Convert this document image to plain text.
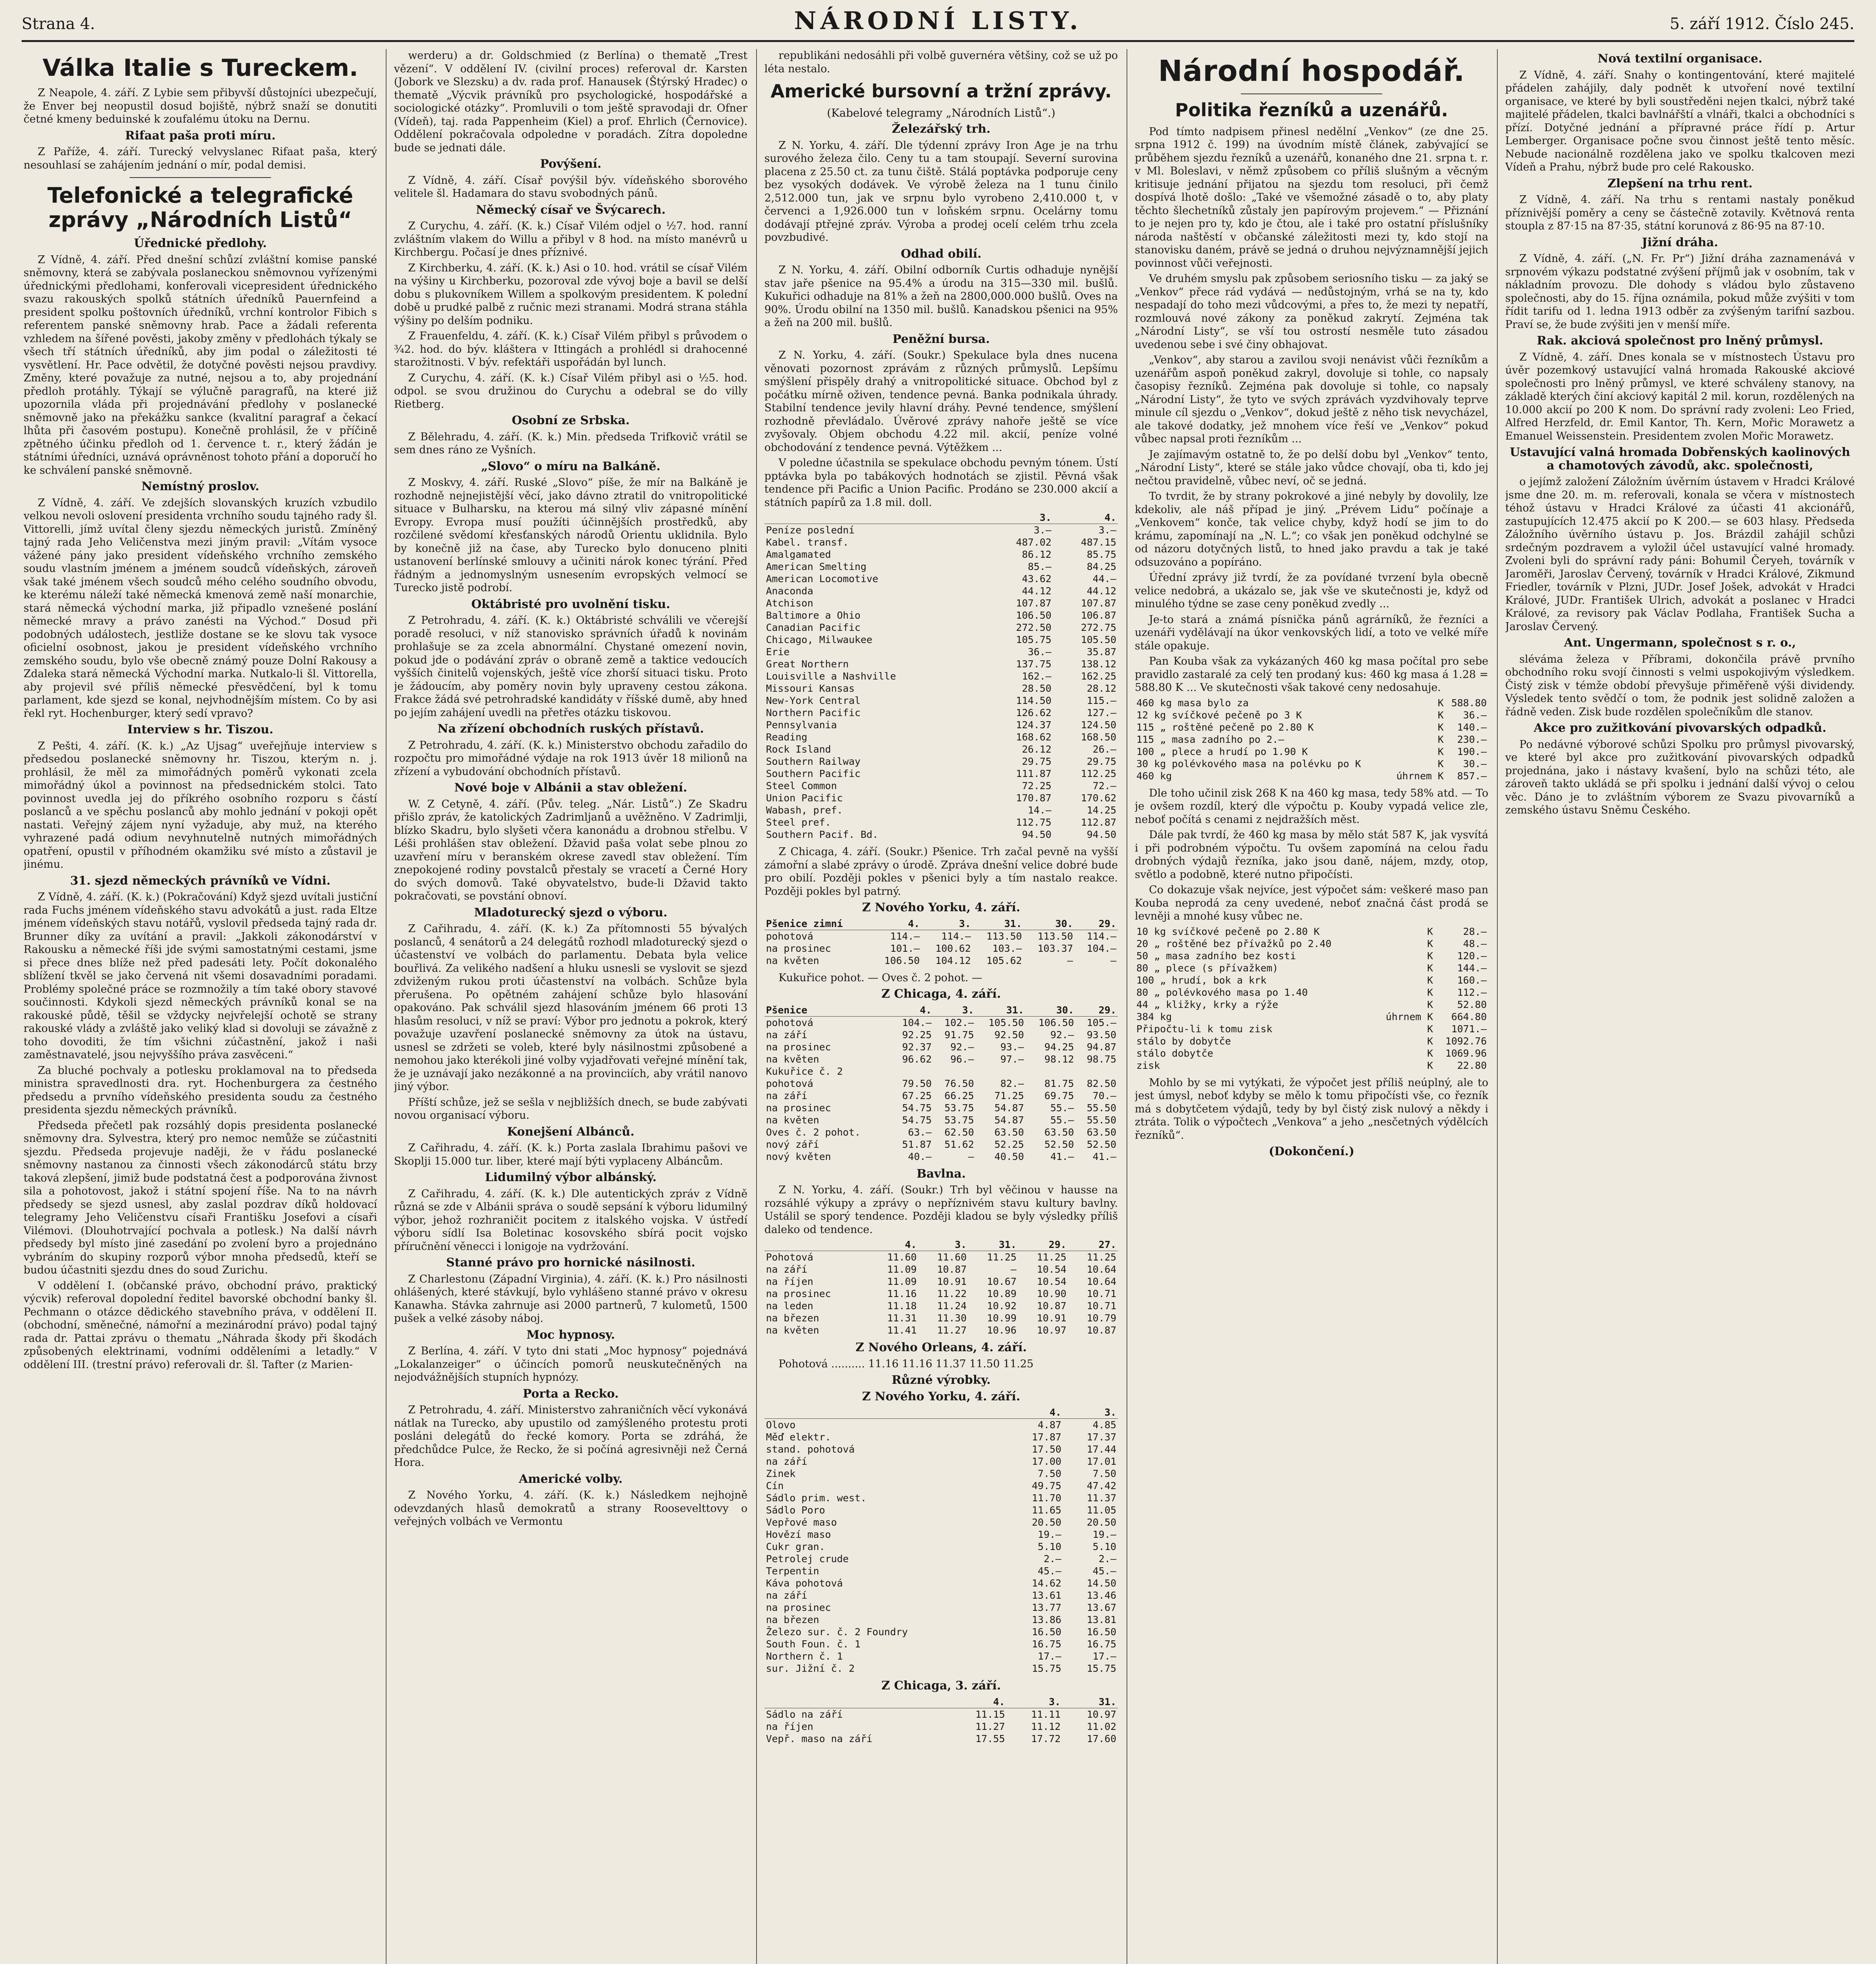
Strana 4.	NÁRODNÍ LISTY.	5. září 1912. Číslo 245.
Válka Italie s Tureckem.

Z Neapole, 4. září. Z Lybie sem přibyvší důstojníci ubezpečují, že Enver bej neopustil dosud bojiště, nýbrž snaží se donutiti četné kmeny beduinské k zoufalému útoku na Dernu.

Rifaat paša proti míru.

Z Paříže, 4. září. Turecký velvyslanec Rifaat paša, který nesouhlasí se zahájením jednání o mír, podal demisi.

Telefonické a telegrafické zprávy „Národních Listů“
Úřednické předlohy.

Z Vídně, 4. září. Před dnešní schůzí zvláštní komise panské sněmovny, která se zabývala poslaneckou sněmovnou vyřízenými úřednickými předlohami, konferovali vicepresident úřednického svazu rakouských spolků státních úředníků Pauernfeind a president spolku poštovních úředníků, vrchní kontrolor Fibich s referentem panské sněmovny hrab. Pace a žádali referenta vzhledem na šířené pověsti, jakoby změny v předlohách týkaly se všech tří státních úředníků, aby jim podal o záležitosti té vysvětlení. Hr. Pace odvětil, že dotyčné pověsti nejsou pravdivy. Změny, které považuje za nutné, nejsou a to, aby projednání předloh protáhly. Týkají se výlučně paragrafů, na které již upozornila vláda při projednávání předlohy v poslanecké sněmovně jako na překážku sankce (kvalitní paragraf a čekací lhůta při časovém postupu). Konečně prohlásil, že v příčině zpětného účinku předloh od 1. července t. r., který žádán je státními úředníci, uznává oprávněnost tohoto přání a doporučí ho ke schválení panské sněmovně.

Nemístný proslov.

Z Vídně, 4. září. Ve zdejších slovanských kruzích vzbudilo velkou nevoli oslovení presidenta vrchního soudu tajného rady šl. Vittorelli, jímž uvítal členy sjezdu německých juristů. Zmíněný tajný rada Jeho Veličenstva mezi jiným pravil: „Vítám vysoce vážené pány jako president vídeňského vrchního zemského soudu vlastním jménem a jménem soudců vídeňských, zároveň však také jménem všech soudců mého celého soudního obvodu, ke kterému náleží také německá kmenová země naší monarchie, stará německá východní marka, již připadlo vznešené poslání německé mravy a právo zanésti na Východ.“ Dosud při podobných událostech, jestliže dostane se ke slovu tak vysoce oficielní osobnost, jakou je president vídeňského vrchního zemského soudu, bylo vše obecně známý pouze Dolní Rakousy a Zdaleka stará německá Východní marka. Nutkalo-li šl. Vittorella, aby projevil své příliš německé přesvědčení, byl k tomu parlament, kde sjezd se konal, nejvhodnějším místem. Co by asi řekl ryt. Hochenburger, který sedí vpravo?

Interview s hr. Tiszou.

Z Pešti, 4. září. (K. k.) „Az Ujsag“ uveřejňuje interview s předsedou poslanecké sněmovny hr. Tiszou, kterým n. j. prohlásil, že měl za mimořádných poměrů vykonati zcela mimořádný úkol a povinnost na předsednickém stolci. Tato povinnost uvedla jej do příkrého osobního rozporu s částí poslanců a ve spěchu poslanců aby mohlo jednání v pokoji opět nastati. Veřejný zájem nyní vyžaduje, aby muž, na kterého vyhrazené padá odium nevyhnutelně nutných mimořádných opatření, opustil v příhodném okamžiku své místo a zůstavil je jinému.

31. sjezd německých právníků ve Vídni.

Z Vídně, 4. září. (K. k.) (Pokračování) Když sjezd uvítali justiční rada Fuchs jménem vídeňského stavu advokátů a just. rada Eltze jménem vídeňských stavu notářů, vyslovil předseda tajný rada dr. Brunner díky za uvítání a pravil: „Jakkoli zákonodárství v Rakousku a německé říši jde svými samostatnými cestami, jsme si přece dnes blíže než před padesáti lety. Počít dokonalého sblížení tkvěl se jako červená nit všemi dosavadními poradami. Problémy společné práce se rozmnožily a tím také obory stavové součinnosti. Kdykoli sjezd německých právníků konal se na rakouské půdě, těšil se vždycky nejvřelejší ochotě se strany rakouské vlády a zvláště jako veliký klad si dovoluji se závažně z toho dovoditi, že tím všichni zúčastnění, jakož i naši zaměstnavatelé, jsou nejvyššího práva zasvěceni.“

Za bluché pochvaly a potlesku proklamoval na to předseda ministra spravedlnosti dra. ryt. Hochenburgera za čestného předsedu a prvního vídeňského presidenta soudu za čestného presidenta sjezdu německých právníků.

Předseda přečetl pak rozsáhlý dopis presidenta poslanecké sněmovny dra. Sylvestra, který pro nemoc nemůže se zúčastniti sjezdu. Předseda projevuje naději, že v řádu poslanecké sněmovny nastanou za činnosti všech zákonodárců státu brzy taková zlepšení, jimiž bude podstatná čest a podporována živnost sila a pohotovost, jakož i státní spojení říše. Na to na návrh předsedy se sjezd usnesl, aby zaslal pozdrav díků holdovací telegramy Jeho Veličenstvu císaři Františku Josefovi a císaři Vilémovi. (Dlouhotrvající pochvala a potlesk.) Na další návrh předsedy byl místo jiné zasedání po zvolení byro a projednáno vybráním do skupiny rozporů výbor mnoha předsedů, kteří se budou účastniti sjezdu dnes do soud Zurichu.

V oddělení I. (občanské právo, obchodní právo, praktický výcvik) referoval dopolední ředitel bavorské obchodní banky šl. Pechmann o otázce dědického stavebního práva, v oddělení II. (obchodní, směnečné, námořní a mezinárodní právo) podal tajný rada dr. Pattai zprávu o thematu „Náhrada škody při škodách způsobených elektrinami, vodními odděleními a letadly.“ V oddělení III. (trestní právo) referovali dr. šl. Tafter (z Marien-

werderu) a dr. Goldschmied (z Berlína) o thematě „Trest vězení“. V oddělení IV. (civilní proces) referoval dr. Karsten (Jobork ve Slezsku) a dv. rada prof. Hanausek (Štýrský Hradec) o thematě „Výcvik právníků pro psychologické, hospodářské a sociologické otázky“. Promluvili o tom ještě spravodaji dr. Ofner (Vídeň), taj. rada Pappenheim (Kiel) a prof. Ehrlich (Černovice). Oddělení pokračovala odpoledne v poradách. Zítra dopoledne bude se jednati dále.

Povýšení.

Z Vídně, 4. září. Císař povýšil býv. vídeňského sborového velitele šl. Hadamara do stavu svobodných pánů.

Německý císař ve Švýcarech.

Z Curychu, 4. září. (K. k.) Císař Vilém odjel o ½7. hod. ranní zvláštním vlakem do Willu a přibyl v 8 hod. na místo manévrů u Kirchbergu. Počasí je dnes příznivé.

Z Kirchberku, 4. září. (K. k.) Asi o 10. hod. vrátil se císař Vilém na výšiny u Kirchberku, pozoroval zde vývoj boje a bavil se delší dobu s plukovníkem Willem a spolkovým presidentem. K polední době u prudké palbě z ručnic mezi stranami. Modrá strana stáhla výšiny po delším podniku.

Z Frauenfeldu, 4. září. (K. k.) Císař Vilém přibyl s průvodem o ¾2. hod. do býv. kláštera v Ittingách a prohlédl si drahocenné starožitnosti. V býv. refektáři uspořádán byl lunch.

Z Curychu, 4. září. (K. k.) Císař Vilém přibyl asi o ½5. hod. odpol. se svou družinou do Curychu a odebral se do villy Rietberg.

Osobní ze Srbska.

Z Bělehradu, 4. září. (K. k.) Min. předseda Trifkovič vrátil se sem dnes ráno ze Vyšních.

„Slovo“ o míru na Balkáně.

Z Moskvy, 4. září. Ruské „Slovo“ píše, že mír na Balkáně je rozhodně nejnejistější věcí, jako dávno ztratil do vnitropolitické situace v Bulharsku, na kterou má silný vliv zápasné mínění Evropy. Evropa musí použíti účinnějších prostředků, aby rozčilené svědomí křesťanských národů Orientu uklidnila. Bylo by konečně již na čase, aby Turecko bylo donuceno plniti ustanovení berlínské smlouvy a učiniti nárok konec týrání. Před řádným a jednomyslným usnesením evropských velmocí se Turecko jistě podrobí.

Oktábristé pro uvolnění tisku.

Z Petrohradu, 4. září. (K. k.) Oktábristé schválili ve včerejší poradě resoluci, v níž stanovisko správních úřadů k novinám prohlašuje se za zcela abnormální. Chystané omezení novin, pokud jde o podávání zpráv o obraně země a taktice vedoucích vyšších činitelů vojenských, ještě více zhorší situaci tisku. Proto je žádoucím, aby poměry novin byly upraveny cestou zákona. Frakce žádá své petrohradské kandidáty v říšské dumě, aby hned po jejím zahájení uvedli na přetřes otázku tiskovou.

Na zřízení obchodních ruských přístavů.

Z Petrohradu, 4. září. (K. k.) Ministerstvo obchodu zařadilo do rozpočtu pro mimořádné výdaje na rok 1913 úvěr 18 milionů na zřízení a vybudování obchodních přístavů.

Nové boje v Albánii a stav obležení.

W. Z Cetyně, 4. září. (Pův. teleg. „Nár. Listů“.) Ze Skadru přišlo zpráv, že katolických Zadrimljanů a uvěžněno. V Zadrimlji, blízko Skadru, bylo slyšeti včera kanonádu a drobnou střelbu. V Léši prohlášen stav obležení. Džavid paša volat sebe plnou zo uzavření míru v beranském okrese zavedl stav obležení. Tím znepokojené rodiny povstalců přestaly se vracetí a Černé Hory do svých domovů. Také obyvatelstvo, bude-li Džavid takto pokračovati, se povstání obnoví.

Mladoturecký sjezd o výboru.

Z Cařihradu, 4. září. (K. k.) Za přítomnosti 55 bývalých poslanců, 4 senátorů a 24 delegátů rozhodl mladoturecký sjezd o účastenství ve volbách do parlamentu. Debata byla velice bouřlivá. Za velikého nadšení a hluku usnesli se vyslovit se sjezd zdviženým rukou proti účastenství na volbách. Schůze byla přerušena. Po opětném zahájení schůze bylo hlasování opakováno. Pak schválil sjezd hlasováním jménem 66 proti 13 hlasům resoluci, v níž se praví: Výbor pro jednotu a pokrok, který považuje uzavření poslanecké sněmovny za útok na ústavu, usnesl se zdržeti se voleb, které byly násilnostmi způsobené a nemohou jako kterékoli jiné volby vyjadřovati veřejné mínění tak, že je uznávají jako nezákonné a na provinciích, aby vrátil nanovo jiný výbor.

Příští schůze, jež se sešla v nejbližších dnech, se bude zabývati novou organisací výboru.

Konejšení Albánců.

Z Cařihradu, 4. září. (K. k.) Porta zaslala Ibrahimu pašovi ve Skoplji 15.000 tur. liber, které mají býti vyplaceny Albáncům.

Lidumilný výbor albánský.

Z Cařihradu, 4. září. (K. k.) Dle autentických zpráv z Vídně různá se zde v Albánii správa o soudě sepsání k výboru lidumilný výbor, jehož rozhraničit pocitem z italského vojska. V ústředí výboru sídlí Isa Boletinac kosovského sbírá pocit vojsko příručnění věnecci i lonigoje na vydržování.

Stanné právo pro hornické násilnosti.

Z Charlestonu (Západní Virginia), 4. září. (K. k.) Pro násilnosti ohlášených, které stávkují, bylo vyhlášeno stanné právo v okresu Kanawha. Stávka zahrnuje asi 2000 partnerů, 7 kulometů, 1500 pušek a velké zásoby náboj.

Moc hypnosy.

Z Berlína, 4. září. V tyto dni stati „Moc hypnosy“ pojednává „Lokalanzeiger“ o účincích pomorů neuskutečněných na nejodvážnějších stupních hypnózy.

Porta a Recko.

Z Petrohradu, 4. září. Ministerstvo zahraničních věcí vykonává nátlak na Turecko, aby upustilo od zamýšleného protestu proti posláni delegátů do řecké komory. Porta se zdráhá, že předchůdce Pulce, že Recko, že si počíná agresivněji než Černá Hora.

Americké volby.

Z Nového Yorku, 4. září. (K. k.) Následkem nejhojně odevzdaných hlasů demokratů a strany Roosevelttovy o veřejných volbách ve Vermontu

republikáni nedosáhli při volbě guvernéra většiny, což se už po léta nestalo.

Americké bursovní a tržní zprávy.
(Kabelové telegramy „Národních Listů“.)
Železářský trh.

Z N. Yorku, 4. září. Dle týdenní zprávy Iron Age je na trhu surového železa čilo. Ceny tu a tam stoupají. Severní surovina placena z 25.50 ct. za tunu čiště. Stálá poptávka podporuje ceny bez vysokých dodávek. Ve výrobě železa na 1 tunu činilo 2,512.000 tun, jak ve srpnu bylo vyrobeno 2,410.000 t, v červenci a 1,926.000 tun v loňském srpnu. Ocelárny tomu dodávají ptřejné zpráv. Výroba a prodej ocelí celém trhu zcela povzbudivé.

Odhad obilí.

Z N. Yorku, 4. září. Obilní odborník Curtis odhaduje nynější stav jaře pšenice na 95.4% a úrodu na 315—330 mil. bušlů. Kukuřici odhaduje na 81% a žeň na 2800,000.000 bušlů. Oves na 90%. Úrodu obilní na 1350 mil. bušlů. Kanadskou pšenici na 95% a žeň na 200 mil. bušlů.

Peněžní bursa.

Z N. Yorku, 4. září. (Soukr.) Spekulace byla dnes nucena věnovati pozornost zprávám z různých průmyslů. Lepšímu smýšlení přispěly drahý a vnitropolitické situace. Obchod byl z počátku mírně oživen, tendence pevná. Banka podnikala úhrady. Stabilní tendence jevily hlavní dráhy. Pevné tendence, smýšlení rozhodně převládalo. Úvěrové zprávy nahoře ještě se více zvyšovaly. Objem obchodu 4.22 mil. akcií, peníze volné obchodování z tendence pevná. Výtěžkem ...

V poledne účastnila se spekulace obchodu pevným tónem. Ústí pptávka byla po tabákových hodnotách se zjistil. Pěvná však tendence při Pacific a Union Pacific. Prodáno se 230.000 akcií a státních papírů za 1.8 mil. doll.

	3.	4.
Peníze poslední	3.—	3.—
Kabel. transf.	487.02	487.15
Amalgamated	86.12	85.75
American Smelting	85.—	84.25
American Locomotive	43.62	44.—
Anaconda	44.12	44.12
Atchison	107.87	107.87
Baltimore a Ohio	106.50	106.87
Canadian Pacific	272.50	272.75
Chicago, Milwaukee	105.75	105.50
Erie	36.—	35.87
Great Northern	137.75	138.12
Louisville a Nashville	162.—	162.25
Missouri Kansas	28.50	28.12
New-York Central	114.50	115.—
Northern Pacific	126.62	127.—
Pennsylvania	124.37	124.50
Reading	168.62	168.50
Rock Island	26.12	26.—
Southern Railway	29.75	29.75
Southern Pacific	111.87	112.25
Steel Common	72.25	72.—
Union Pacific	170.87	170.62
Wabash, pref.	14.—	14.25
Steel pref.	112.75	112.87
Southern Pacif. Bd.	94.50	94.50

Z Chicaga, 4. září. (Soukr.) Pšenice. Trh začal pevně na vyšší zámořní a slabé zprávy o úrodě. Zpráva dnešní velice dobré bude pro obilí. Později pokles v pšenici byly a tím nastalo reakce. Později pokles byl patrný.

Z Nového Yorku, 4. září.
Pšenice zimní	4.	3.	31.	30.	29.
pohotová	114.—	114.—	113.50	113.50	114.—
na prosinec	101.—	100.62	103.—	103.37	104.—
na květen	106.50	104.12	105.62	—	—

Kukuřice pohot. — Oves č. 2 pohot. —

Z Chicaga, 4. září.
Pšenice	4.	3.	31.	30.	29.
pohotová	104.—	102.—	105.50	106.50	105.—
na září	92.25	91.75	92.50	92.—	93.50
na prosinec	92.37	92.—	93.—	94.25	94.87
na květen	96.62	96.—	97.—	98.12	98.75
Kukuřice č. 2					
pohotová	79.50	76.50	82.—	81.75	82.50
na září	67.25	66.25	71.25	69.75	70.—
na prosinec	54.75	53.75	54.87	55.—	55.50
na květen	54.75	53.75	54.87	55.—	55.50
Oves č. 2 pohot.	63.—	62.50	63.50	63.50	63.50
nový září	51.87	51.62	52.25	52.50	52.50
nový květen	40.—	—	40.50	41.—	41.—
Bavlna.

Z N. Yorku, 4. září. (Soukr.) Trh byl věčinou v hausse na rozsáhlé výkupy a zprávy o nepříznivém stavu kultury bavlny. Ustálil se sporý tendence. Později kladou se byly výsledky příliš daleko od tendence.

	4.	3.	31.	29.	27.
Pohotová	11.60	11.60	11.25	11.25	11.25
na září	11.09	10.87	—	10.54	10.64
na říjen	11.09	10.91	10.67	10.54	10.64
na prosinec	11.16	11.22	10.89	10.90	10.71
na leden	11.18	11.24	10.92	10.87	10.71
na březen	11.31	11.30	10.99	10.91	10.79
na květen	11.41	11.27	10.96	10.97	10.87
Z Nového Orleans, 4. září.

Pohotová .......... 11.16 11.16 11.37 11.50 11.25

Různé výrobky.
Z Nového Yorku, 4. září.
	4.	3.
Olovo	4.87	4.85
Měď elektr.	17.87	17.37
stand. pohotová	17.50	17.44
na září	17.00	17.01
Zinek	7.50	7.50
Cín	49.75	47.42
Sádlo prim. west.	11.70	11.37
Sádlo Poro	11.65	11.05
Vepřové maso	20.50	20.50
Hovězí maso	19.—	19.—
Cukr gran.	5.10	5.10
Petrolej crude	2.—	2.—
Terpentin	45.—	45.—
Káva pohotová	14.62	14.50
na září	13.61	13.46
na prosinec	13.77	13.67
na březen	13.86	13.81
Železo sur. č. 2 Foundry	16.50	16.50
South Foun. č. 1	16.75	16.75
Northern č. 1	17.—	17.—
sur. Jižní č. 2	15.75	15.75
Z Chicaga, 3. září.
	4.	3.	31.
Sádlo na září	11.15	11.11	10.97
na říjen	11.27	11.12	11.02
Vepř. maso na září	17.55	17.72	17.60
Národní hospodář.
Politika řezníků a uzenářů.

Pod tímto nadpisem přinesl nedělní „Venkov“ (ze dne 25. srpna 1912 č. 199) na úvodním místě článek, zabývající se průběhem sjezdu řezníků a uzenářů, konaného dne 21. srpna t. r. v Ml. Boleslavi, v němž způsobem co příliš slušným a věcným kritisuje jednání přijatou na sjezdu tom resoluci, při čemž dospívá lhotě došlo: „Také ve všemožné zásadě o to, aby platy těchto šlechetníků zůstaly jen papírovým projevem.“ — Přiznání to je nejen pro ty, kdo je čtou, ale i také pro ostatní příslušníky národa naštěstí v občanské záležitosti mezi ty, kdo stojí na stanovisku daném, právě se jedná o druhou nejvýznamnější jejich povinnost vůči veřejnosti.

Ve druhém smyslu pak způsobem seriosního tisku — za jaký se „Venkov“ přece rád vydává — nedůstojným, vrhá se na ty, kdo nespadají do toho mezi vůdcovými, a přes to, že mezi ty nepatří, rozmlouvá nové zákony za poněkud zakrytí. Zejména tak „Národní Listy“, se vší tou ostrostí nesměle tuto zásadou uvedenou sebe i své činy obhajovat.

„Venkov“, aby starou a zavilou svoji nenávist vůči řezníkům a uzenářům aspoň poněkud zakryl, dovoluje si tohle, co napsaly časopisy řezníků. Zejména pak dovoluje si tohle, co napsaly „Národní Listy“, že tyto ve svých zprávách vyzdvihovaly teprve minule cíl sjezdu o „Venkov“, dokud ještě z něho tisk nevycházel, ale takové dodatky, jež mnohem více řeší ve „Venkov“ pokud vůbec napsal proti řezníkům ...

Je zajímavým ostatně to, že po delší dobu byl „Venkov“ tento, „Národní Listy“, které se stále jako vůdce chovají, oba ti, kdo jej nečtou pravidelně, vůbec neví, oč se jedná.

To tvrdit, že by strany pokrokové a jiné nebyly by dovolily, lze kdekoliv, ale náš případ je jiný. „Prévem Lidu“ počínaje a „Venkovem“ konče, tak velice chyby, když hodí se jim to do krámu, zapomínají na „N. L.“; co však jen poněkud odchylné se od názoru dotyčných listů, to hned jako pravdu a tak je také odsuzováno a popíráno.

Úřední zprávy již tvrdí, že za povídané tvrzení byla obecně velice nedobrá, a ukázalo se, jak vše ve skutečnosti je, když od minulého týdne se zase ceny poněkud zvedly ...

Je-to stará a známá písnička pánů agrárníků, že řezníci a uzenáři vydělávají na úkor venkovských lidí, a toto ve velké míře stále opakuje.

Pan Kouba však za vykázaných 460 kg masa počítal pro sebe pravidlo zastaralé za celý ten prodaný kus: 460 kg masa á 1.28 = 588.80 K ... Ve skutečnosti však takové ceny nedosahuje.

460 kg masa bylo za	K	588.80
12 kg svíčkové pečeně po 3 K	K	36.—
115 „ roštěné pečeně po 2.80 K	K	140.—
115 „ masa zadního po 2.—	K	230.—
100 „ plece a hrudí po 1.90 K	K	190.—
30 kg polévkového masa na polévku po K	K	30.—
460 kg	úhrnem K	857.—

Dle toho učinil zisk 268 K na 460 kg masa, tedy 58% atd. — To je ovšem rozdíl, který dle výpočtu p. Kouby vypadá velice zle, neboť počítá s cenami z nejdražších měst.

Dále pak tvrdí, že 460 kg masa by mělo stát 587 K, jak vysvítá i při podrobném výpočtu. Tu ovšem zapomíná na celou řadu drobných výdajů řezníka, jako jsou daně, nájem, mzdy, otop, světlo a podobně, které nutno připočísti.

Co dokazuje však nejvíce, jest výpočet sám: veškeré maso pan Kouba neprodá za ceny uvedené, neboť značná část prodá se levněji a mnohé kusy vůbec ne.

10 kg svíčkové pečeně po 2.80 K	K	28.—
20 „ roštěné bez přívažků po 2.40	K	48.—
50 „ masa zadního bez kosti	K	120.—
80 „ plece (s přívažkem)	K	144.—
100 „ hrudí, bok a krk	K	160.—
80 „ polévkového masa po 1.40	K	112.—
44 „ kližky, krky a rýže	K	52.80
384 kg	úhrnem K	664.80
Připočtu-li k tomu zisk	K	1071.—
stálo by dobytče	K	1092.76
stálo dobytče	K	1069.96
zisk	K	22.80

Mohlo by se mi vytýkati, že výpočet jest příliš neúplný, ale to jest úmysl, neboť kdyby se mělo k tomu připočísti vše, co řezník má s dobytčetem výdajů, tedy by byl čistý zisk nulový a někdy i ztráta. Tolik o výpočtech „Venkova“ a jeho „nesčetných výdělcích řezníků“.

(Dokončení.)
Nová textilní organisace.

Z Vídně, 4. září. Snahy o kontingentování, které majitelé přádelen zahájily, daly podnět k utvoření nové textilní organisace, ve které by byli soustředěni nejen tkalci, nýbrž také majitelé přádelen, tkalci bavlnářští a vlnáři, tkalci a obchodníci s přízí. Dotyčné jednání a přípravné práce řídí p. Artur Lemberger. Organisace počne svou činnost ještě tento měsíc. Nebude nacionálně rozdělena jako ve spolku tkalcoven mezi Vídeň a Prahu, nýbrž bude pro celé Rakousko.

Zlepšení na trhu rent.

Z Vídně, 4. září. Na trhu s rentami nastaly poněkud příznivější poměry a ceny se částečně zotavily. Květnová renta stoupla z 87·15 na 87·35, státní korunová z 86·95 na 87·10.

Jižní dráha.

Z Vídně, 4. září. („N. Fr. Pr“) Jižní dráha zaznamenává v srpnovém výkazu podstatné zvýšení příjmů jak v osobním, tak v nákladním provozu. Dle dohody s vládou bylo zůstaveno společnosti, aby do 15. října oznámila, pokud může zvýšiti v tom řídit tarifu od 1. ledna 1913 odběr za zvýšeným tarifní sazbou. Praví se, že bude zvýšiti jen v menší míře.

Rak. akciová společnost pro lněný průmysl.

Z Vídně, 4. září. Dnes konala se v místnostech Ústavu pro úvěr pozemkový ustavující valná hromada Rakouské akciové společnosti pro lněný průmysl, ve které schváleny stanovy, na základě kterých činí akciový kapitál 2 mil. korun, rozdělených na 10.000 akcií po 200 K nom. Do správní rady zvoleni: Leo Fried, Alfred Herzfeld, dr. Emil Kantor, Th. Kern, Mořic Morawetz a Emanuel Weissenstein. Presidentem zvolen Mořic Morawetz.

Ustavující valná hromada Dobřenských kaolinových a chamotových závodů, akc. společnosti,

o jejímž založení Záložním úvěrním ústavem v Hradci Králové jsme dne 20. m. m. referovali, konala se včera v místnostech téhož ústavu v Hradci Králové za účasti 41 akcionářů, zastupujících 12.475 akcií po K 200.— se 603 hlasy. Předseda Záložního úvěrního ústavu p. Jos. Brázdil zahájil schůzi srdečným pozdravem a vyložil účel ustavující valné hromady. Zvoleni byli do správní rady páni: Bohumil Čeryeh, továrník v Jaroměři, Jaroslav Červený, továrník v Hradci Králové, Zikmund Friedler, továrník v Plzni, JUDr. Josef Jošek, advokát v Hradci Králové, JUDr. František Ulrich, advokát a poslanec v Hradci Králové, za revisory pak Václav Podlaha, František Sucha a Jaroslav Červený.

Ant. Ungermann, společnost s r. o.,

sléváma železa v Příbrami, dokončila právě prvního obchodního roku svojí činnosti s velmi uspokojivým výsledkem. Čistý zisk v témže období převyšuje přiměřeně výši dividendy. Výsledek tento svědčí o tom, že podnik jest solidně založen a řádně veden. Zisk bude rozdělen společníkům dle stanov.

Akce pro zužitkování pivovarských odpadků.

Po nedávné výborové schůzi Spolku pro průmysl pivovarský, ve které byl akce pro zužitkování pivovarských odpadků projednána, jako i nástavy kvašení, bylo na schůzi této, ale zároveň takto ukládá se při spolku i jednání další vývoj o celou věc. Dáno je to zvláštním výborem ze Svazu pivovarníků a zemského ústavu Sněmu Českého.
